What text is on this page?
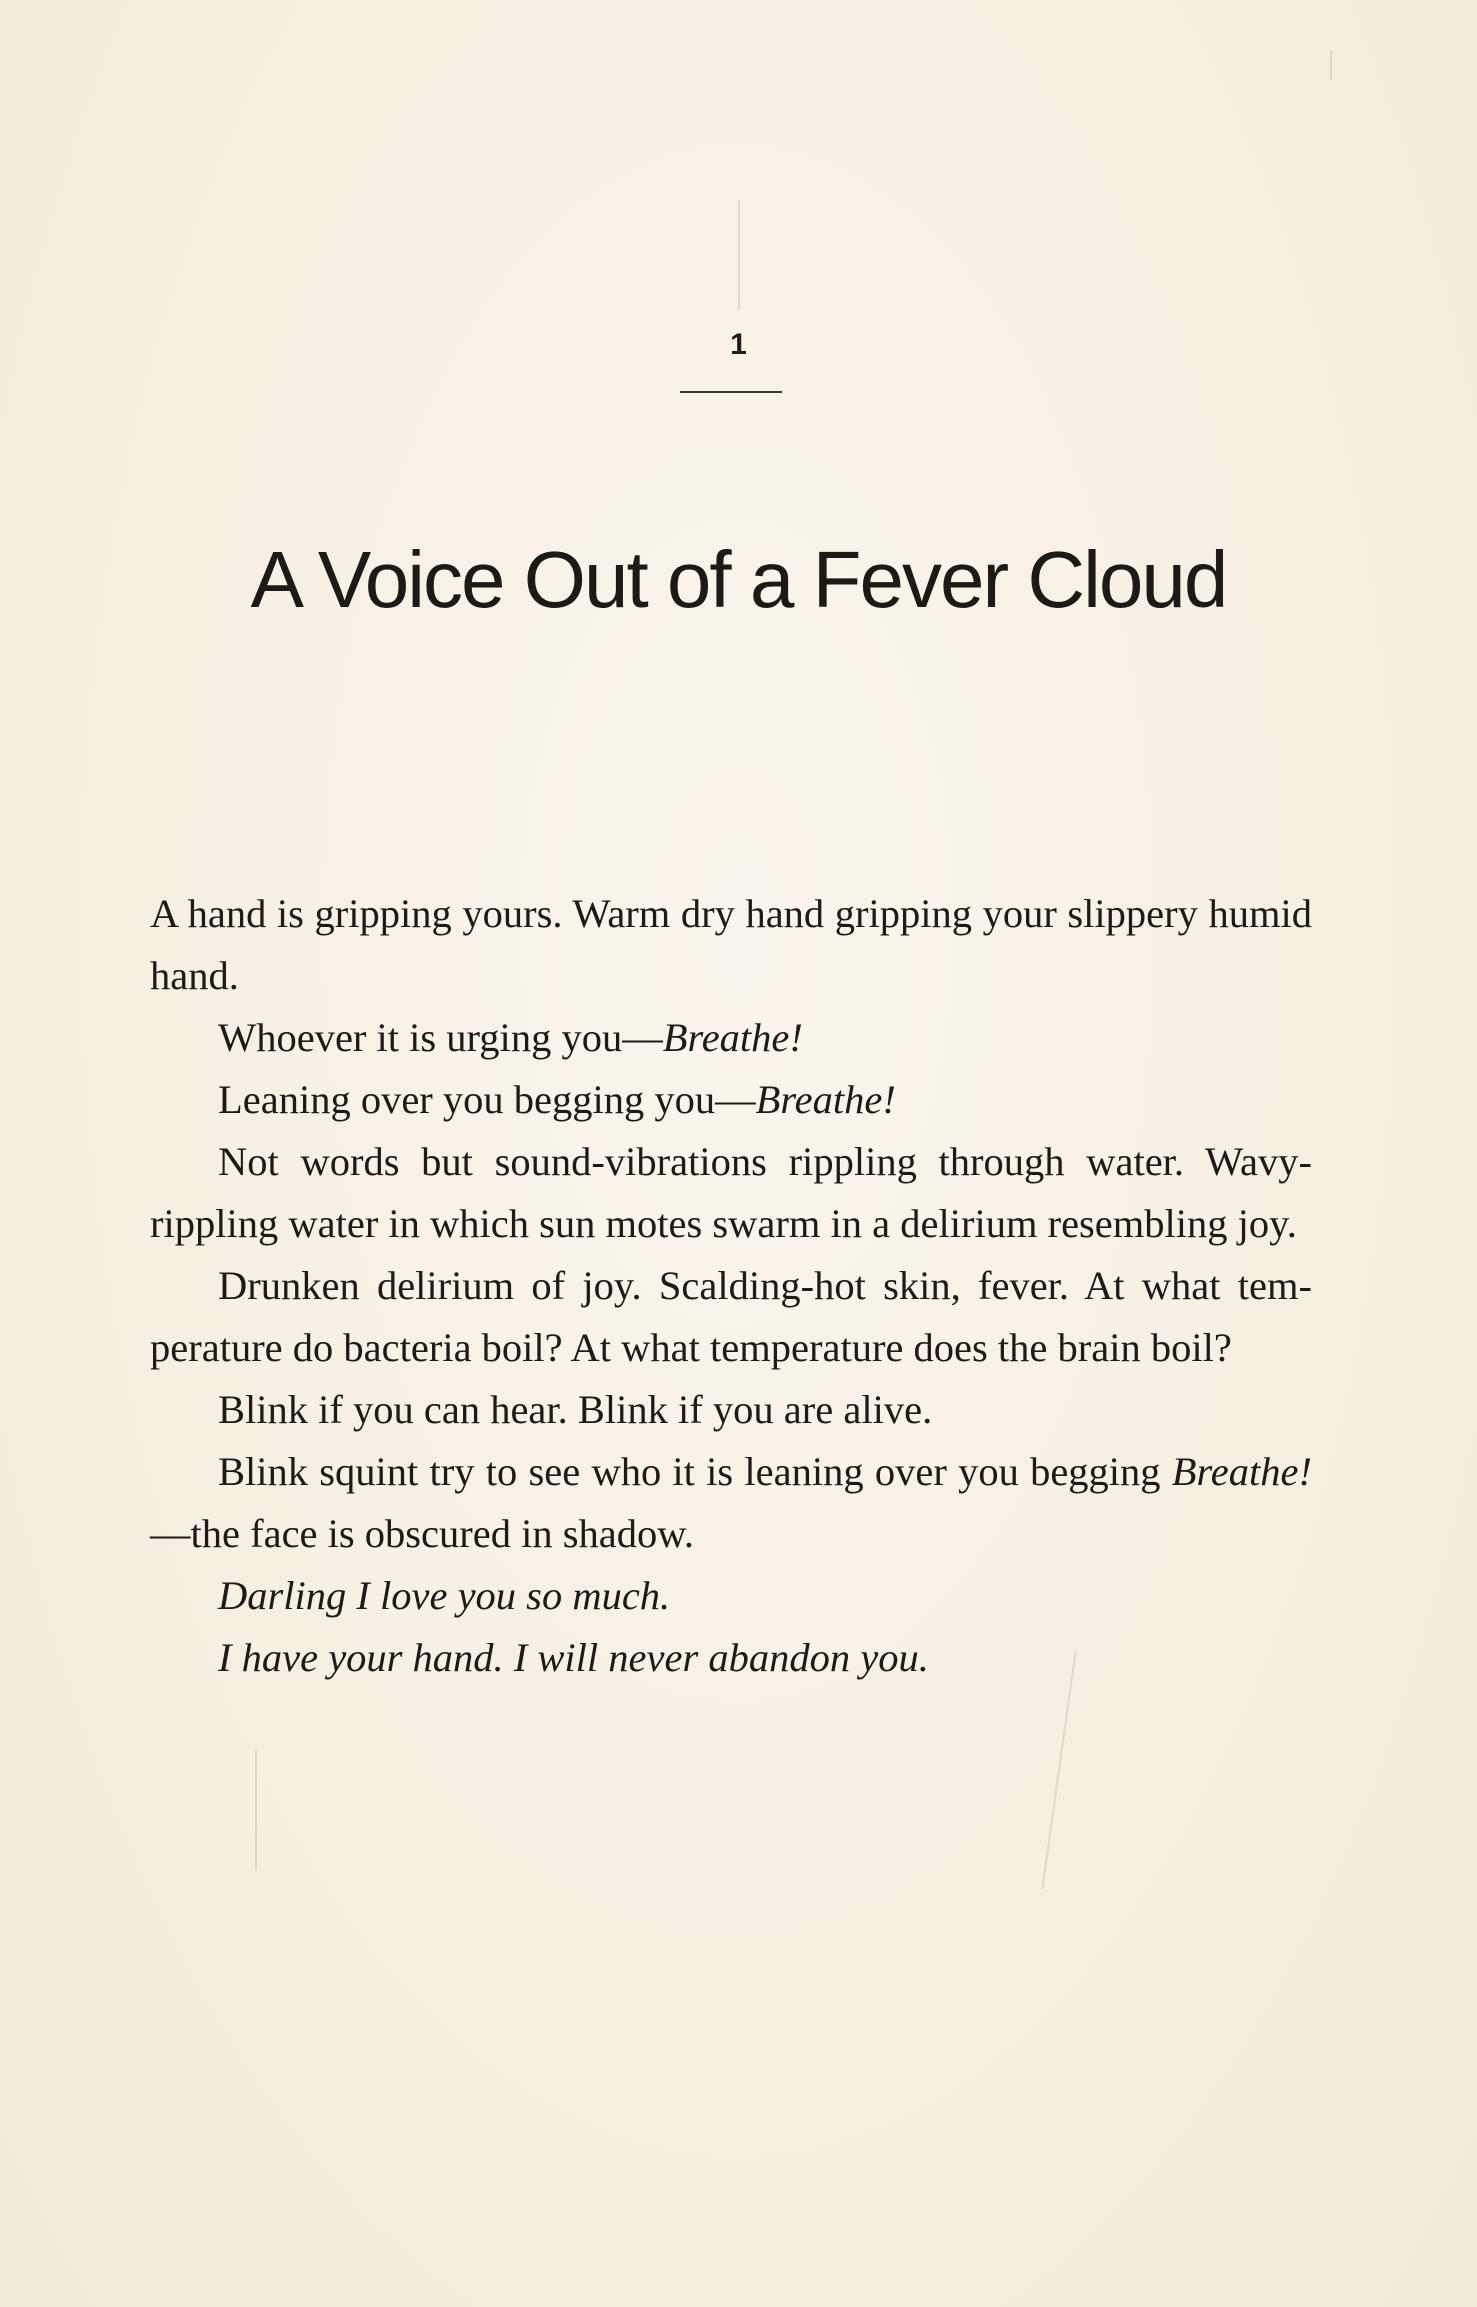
1
A Voice Out of a Fever Cloud

A hand is gripping yours. Warm dry hand gripping your slippery humid hand.

Whoever it is urging you—Breathe!

Leaning over you begging you—Breathe!

Not words but sound-vibrations rippling through water. Wavy-rippling water in which sun motes swarm in a delirium resembling joy.

Drunken delirium of joy. Scalding-hot skin, fever. At what tem-perature do bacteria boil? At what temperature does the brain boil?

Blink if you can hear. Blink if you are alive.

Blink squint try to see who it is leaning over you begging Breathe!—the face is obscured in shadow.

Darling I love you so much.

I have your hand. I will never abandon you.
